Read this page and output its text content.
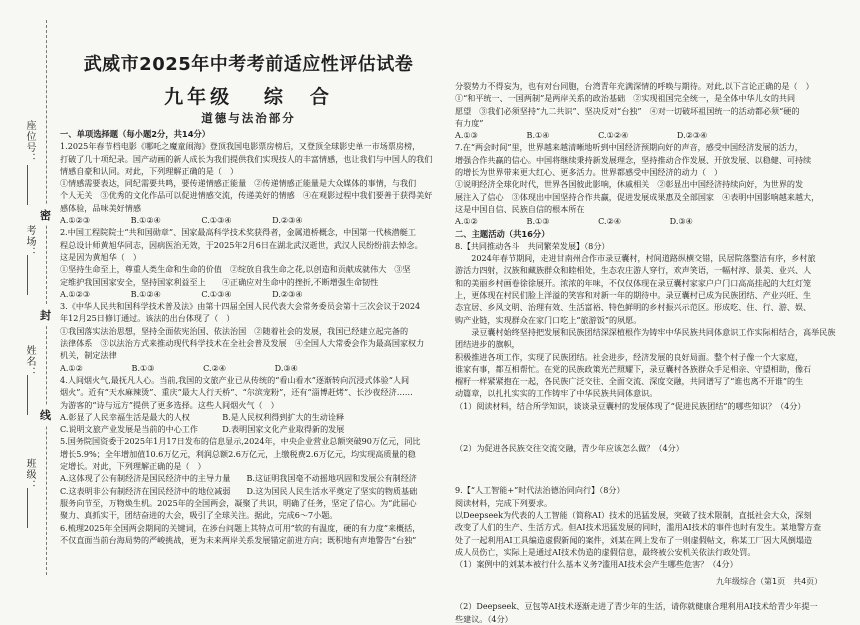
座位号：
考场：
姓名：
班级：
密
封
线
武威市2025年中考考前适应性评估试卷
九年级 综　合
道德与法治部分

一、单项选择题（每小题2分，共14分）

1.2025年春节档电影《哪吒之魔童闹海》登顶我国电影票房榜后，又登顶全球影史单一市场票房榜，

打破了几十项纪录。国产动画的新人成长为我们提供我们实现技人的丰富情感，也让我们与中国人的我们

情感自豪和认同。对此，下列理解正确的是（　）

①情感需要表达，同纪需要共鸣，要传递情感正能量　②传递情感正能量是大众媒体的事情，与我们

个人无关　③优秀的文化作品可以促进情感交流，传递美好的情感　④在观影过程中我们要善于获得美好

感体验，品味美好情感

A.①②③　　　　　B.①②④　　　　　C.①③④　　　　　D.②③④

2.中国工程院院士“共和国勋章”、国家最高科学技术奖获得者，金属道桥概念，中国第一代核潜艇工

程总设计师黄旭华同志，因病医治无效，于2025年2月6日在湖北武汉逝世，武汉人民纷纷前去悼念。

这是因为黄旭华（　）

①坚持生命至上，尊重人类生命和生命的价值　②绽放自我生命之花,以创造和贡献成就伟大　③坚

定维护我国国家安全，坚持国家利益至上　　④正确应对生命中的挫折,不断增强生命韧性

A.①②③　　　　　B.①②④　　　　　C.①③④　　　　　D.②③④

3.《中华人民共和国科学技术普及法》由第十四届全国人民代表大会常务委员会第十三次会议于2024

年12月25日修订通过。该法的出台体现了（　）

①我国落实法治思想，坚持全面依宪治国、依法治国　②随着社会的发展，我国已经建立起完备的

法律体系　③以法治方式来推动现代科学技术在全社会普及发展　④全国人大常委会作为最高国家权力

机关，制定法律

A.①②　　　　　　B.①③　　　　　　C.②④　　　　　　D.③④

4.人间烟火气,最抚凡人心。当前,我国的文旅产业已从传统的“看山看水”逐渐转向沉浸式体验“人间

烟火”。近有“天水麻辣烫”、重庆“最大人行天桥”、“尔滨宠粉”，还有“淄博赶烤”、长沙夜经济……

为游客的“诗与远方”提供了更多选择。这些人间烟火气（　）

A.彰显了人民幸福生活是最大的人权　　　　B.是人民权利得到扩大的生动诠释

C.说明文旅产业发展是当前的中心工作　　　D.表明国家文化产业取得新的发展

5.国务院国资委于2025年1月17日发布的信息显示,2024年，中央企业营业总额突破90万亿元，同比

增长5.9%；全年增加值10.6万亿元，利润总额2.6万亿元，上缴税费2.6万亿元，均实现高质量的稳

定增长。对此，下列理解正确的是（　）

A.这体现了公有制经济是国民经济中的主导力量　　B.这证明我国毫不动摇地巩固和发展公有制经济

C.这表明非公有制经济在国民经济中的地位减弱　　D.这为国民人民生活水平奠定了坚实的物质基础

服务向节至，万物焕生机。2025年的全国两会，凝聚了共识，明确了任务，坚定了信心。为“此届心

聚力、真抓实干，团结奋进的大会，吸引了全球关注。据此，完成6～7小题。

6.梳理2025年全国两会期间的关键词，在涉台问题上其特点可用“软的有温度，硬的有力度”来概括，

不仅直面当前台海局势的严峻挑战，更为未来两岸关系发展锚定前进方向；既积地有声地警告“台独”

分裂势力不得妄为，也有对台同胞，台湾青年充满深情的呼唤与期待。对此,以下言论正确的是（　）

①“和平统一、一国两制”是两岸关系的政治基础　②实现祖国完全统一，是全体中华儿女的共同

愿望　③我们必须坚持“九二共识”、坚决反对“台独”　④对一切破坏祖国统一的活动都必须“硬的

有力度”

A.①③　　　　　　B.①④　　　　　　C.①②④　　　　　　D.②③④

7.在“两会时间”里，世界越来越清晰地听到中国经济预期向好的声音，感受中国经济发展的活力，

增强合作共赢的信心。中国将继续秉持新发展理念，坚持推动合作发展、开放发展、以稳健、可持续

的增长为世界带来更大红心、更多活力。世界都感受中国经济的动力（　）

①说明经济全球化时代，世界各国彼此影响，休戚相关　②彰显出中国经济持续向好，为世界的发

展注入了信心　③体现出中国坚持合作共赢，促进发展成果惠及全部国家　④表明中国影响越来越大，

这是中国自信、民族自信的根本所在

A.①②　　　　　　B.①③　　　　　　C.②④　　　　　　D.③④

二、主题活动（共16分）

8.【共同推动各斗　共同繁荣发展】（8分）

　　2024年春节期间，走进甘南州合作市录豆囊村，村间道路纵横交错，民居院落整洁有序，乡村旅

游活力四射，汉族和藏族群众和睦相处，生态农庄游人穿行，欢声笑语，一幅村淳、景美、业兴、人

和的美丽乡村画卷徐徐展开。浓浓的年味，不仅仅体现在录豆囊村家家户户门口高高挂起的大红灯笼

上，更体现在村民们脸上洋溢的笑容和对新一年的期待中。录豆囊村已成为民族团结、产业兴旺、生

态宜居、乡风文明、治理有效、生活富裕、特色鲜明的乡村振兴示范区。形成吃、住、行、游、娱、

购产业链，实现群众在家门口吃上“旅游饭”的夙愿。

　　录豆囊村始终坚持把发展和民族团结深深植根作为铸牢中华民族共同体意识工作实际相结合，高举民族团结进步的旗帜，

积极推进各项工作，实现了民族团结。社会进步，经济发展的良好局面。整个村子像一个大家庭，

谁家有事，都互相帮忙。在党的民族政策光芒照耀下，录豆囊村各族群众手足相亲、守望相助，像石

榴籽一样紧紧抱在一起，各民族广泛交往、全面交流、深度交融，共同谱写了“谁也离不开谁”的生

动篇章，以扎扎实实的工作铸牢了中华民族共同体意识。

（1）阅读材料，结合所学知识，谈谈录豆囊村的发展体现了“促进民族团结”的哪些知识？（4分）

（2）为促进各民族交往交流交融，青少年应该怎么做？（4分）

9.【“人工智能+”时代法治德治同向行】（8分）

阅读材料，完成下列要求。

以Deepseek为代表的人工智能（简称AI）技术的迅猛发展，突破了技术限制，直抵社会大众，深刻

改变了人们的生产、生活方式。但AI技术迅猛发展的同时，滥用AI技术的事件也时有发生。某地警方查

处了一起利用AI工具编造虚假新闻的案件，刘某在网上发布了一则虚假帖文，称某工厂因大风倒塌造

成人员伤亡，实际上是通过AI技术伪造的虚假信息，最终被公安机关依法行政处罚。

（1）案例中的刘某本被行什么基本义务?滥用AI技术会产生哪些危害？（4分）

（2）Deepseek、豆包等AI技术逐渐走进了青少年的生活，请你就健康合理利用AI技术给青少年提一

些建议。（4分）

九年级综合（第1页　共4页）
